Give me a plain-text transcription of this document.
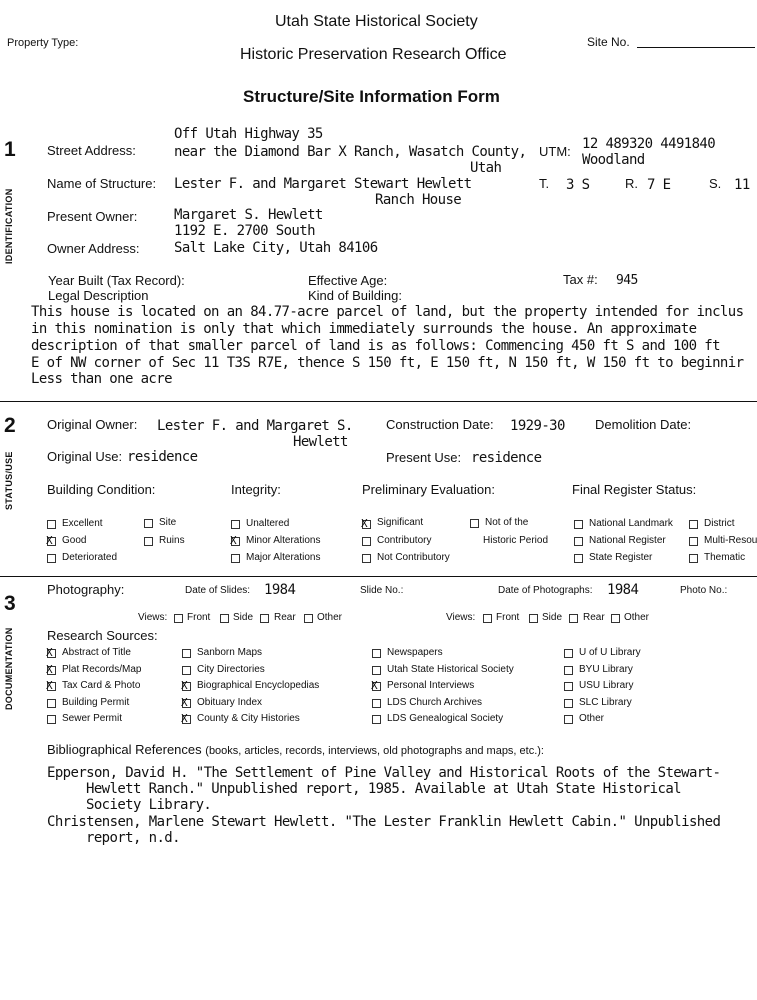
Utah State Historical Society
Historic Preservation Research Office
Property Type:	Site No.
Structure/Site Information Form
1
IDENTIFICATION
Street Address:
Off Utah Highway 35
near the Diamond Bar X Ranch, Wasatch County,
Utah
UTM: 12 489320 4491840
Woodland
Name of Structure: Lester F. and Margaret Stewart Hewlett
Ranch House
T. 3 S	R. 7 E	S. 11
Present Owner:	Margaret S. Hewlett
1192 E. 2700 South
Owner Address: Salt Lake City, Utah 84106
Year Built (Tax Record):	Effective Age:	Tax #: 945
Legal Description	Kind of Building:
This house is located on an 84.77-acre parcel of land, but the property intended for inclus
in this nomination is only that which immediately surrounds the house. An approximate
description of that smaller parcel of land is as follows: Commencing 450 ft S and 100 ft
E of NW corner of Sec 11 T3S R7E, thence S 150 ft, E 150 ft, N 150 ft, W 150 ft to beginnir
Less than one acre
2
STATUS/USE
Original Owner: Lester F. and Margaret S.
Hewlett
Construction Date: 1929-30 Demolition Date:
Original Use: residence	Present Use: residence
Building Condition:	Integrity:	Preliminary Evaluation:	Final Register Status:
Excellent	Site
X Good	Ruins
Deteriorated
Unaltered
X Minor Alterations
Major Alterations
X Significant	Not of the
Historic Period
Contributory
Not Contributory
National Landmark	District
National Register	Multi-Resou
State Register	Thematic
3
DOCUMENTATION
Photography:	Date of Slides: 1984	Slide No.:	Date of Photographs: 1984	Photo No.:
Views: Front Side Rear Other	Views: Front Side Rear Other
Research Sources:
X Abstract of Title
X Plat Records/Map
X Tax Card & Photo
Building Permit
Sewer Permit
Sanborn Maps
City Directories
X Biographical Encyclopedias
X Obituary Index
X County & City Histories
Newspapers
Utah State Historical Society
X Personal Interviews
LDS Church Archives
LDS Genealogical Society
U of U Library
BYU Library
USU Library
SLC Library
Other
Bibliographical References (books, articles, records, interviews, old photographs and maps, etc.):
Epperson, David H. "The Settlement of Pine Valley and Historical Roots of the Stewart-
Hewlett Ranch." Unpublished report, 1985. Available at Utah State Historical
Society Library.
Christensen, Marlene Stewart Hewlett. "The Lester Franklin Hewlett Cabin." Unpublished
report, n.d.
